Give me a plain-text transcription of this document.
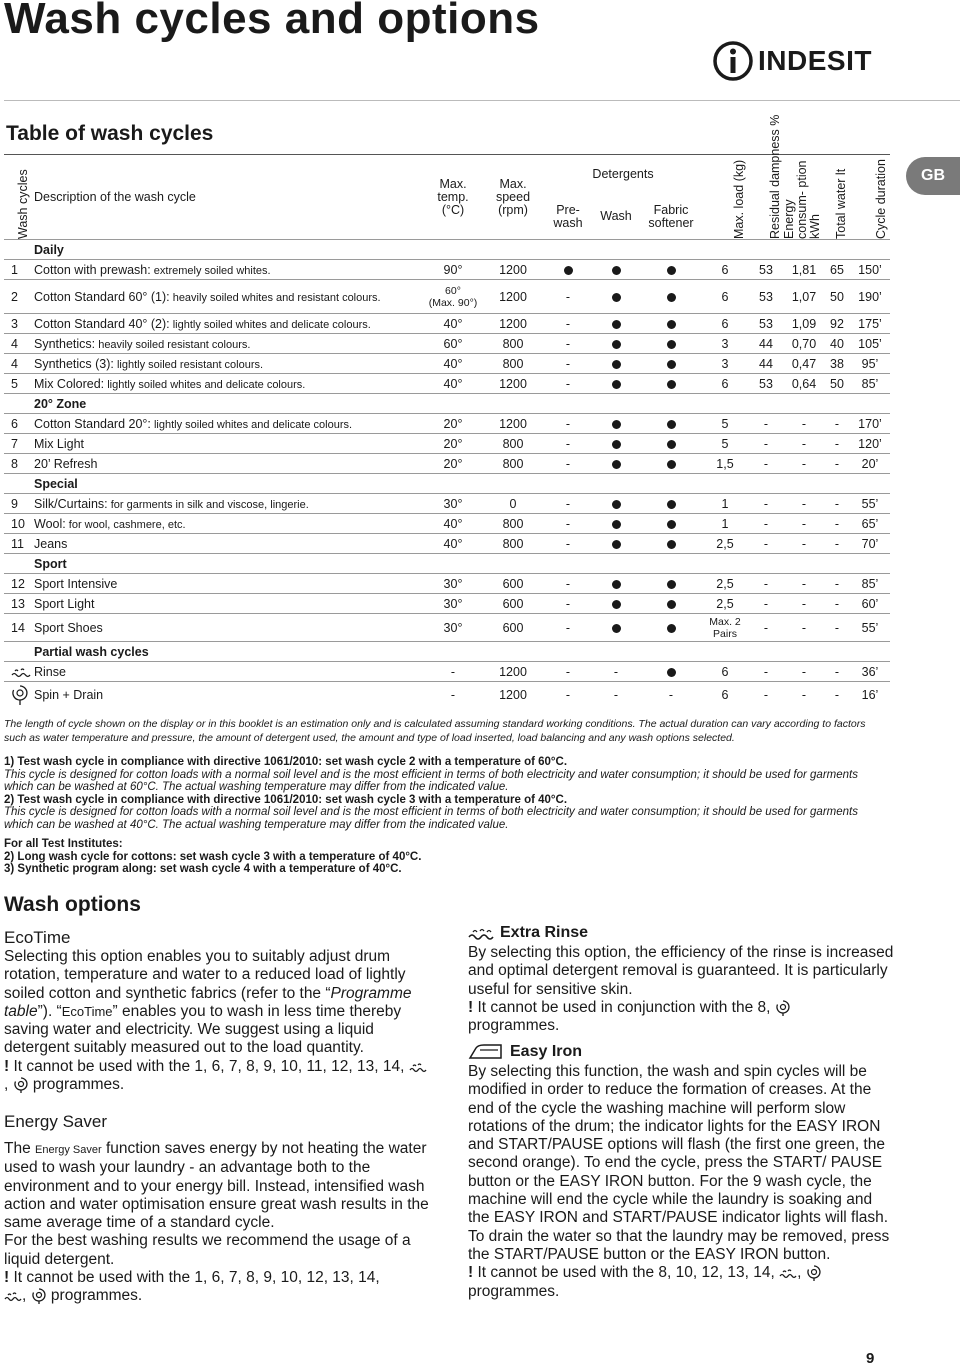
Wash cycles and options
INDESIT
Table of wash cycles
GB
Wash cycles	Description of the wash cycle	Max. temp. (°C)	Max. speed (rpm)	Detergents			Max. load (kg)	Residual dampness %	Energy consum- ption kWh	Total water lt	Cycle duration
				Pre- wash	Wash	Fabric softener					
	Daily										
1	Cotton with prewash: extremely soiled whites.	90°	1200				6	53	1,81	65	150’
2	Cotton Standard 60° (1): heavily soiled whites and resistant colours.	60°
(Max. 90°)	1200	-			6	53	1,07	50	190’
3	Cotton Standard 40° (2): lightly soiled whites and delicate colours.	40°	1200	-			6	53	1,09	92	175’
4	Synthetics: heavily soiled resistant colours.	60°	800	-			3	44	0,70	40	105’
4	Synthetics (3): lightly soiled resistant colours.	40°	800	-			3	44	0,47	38	95’
5	Mix Colored: lightly soiled whites and delicate colours.	40°	1200	-			6	53	0,64	50	85’
	20° Zone										
6	Cotton Standard 20°: lightly soiled whites and delicate colours.	20°	1200	-			5	-	-	-	170’
7	Mix Light	20°	800	-			5	-	-	-	120’
8	20’ Refresh	20°	800	-			1,5	-	-	-	20’
	Special										
9	Silk/Curtains: for garments in silk and viscose, lingerie.	30°	0	-			1	-	-	-	55’
10	Wool: for wool, cashmere, etc.	40°	800	-			1	-	-	-	65’
11	Jeans	40°	800	-			2,5	-	-	-	70’
	Sport										
12	Sport Intensive	30°	600	-			2,5	-	-	-	85’
13	Sport Light	30°	600	-			2,5	-	-	-	60’
14	Sport Shoes	30°	600	-			Max. 2
Pairs	-	-	-	55’
	Partial wash cycles										
	Rinse	-	1200	-	-		6	-	-	-	36’
	Spin + Drain	-	1200	-	-	-	6	-	-	-	16’
The length of cycle shown on the display or in this booklet is an estimation only and is calculated assuming standard working conditions. The actual duration can vary according to factors such as water temperature and pressure, the amount of detergent used, the amount and type of load inserted, load balancing and any wash options selected.
1) Test wash cycle in compliance with directive 1061/2010: set wash cycle 2 with a temperature of 60°C.
This cycle is designed for cotton loads with a normal soil level and is the most efficient in terms of both electricity and water consumption; it should be used for garments which can be washed at 60°C. The actual washing temperature may differ from the indicated value.
2) Test wash cycle in compliance with directive 1061/2010: set wash cycle 3 with a temperature of 40°C.
This cycle is designed for cotton loads with a normal soil level and is the most efficient in terms of both electricity and water consumption; it should be used for garments which can be washed at 40°C. The actual washing temperature may differ from the indicated value.
For all Test Institutes:
2) Long wash cycle for cottons: set wash cycle 3 with a temperature of 40°C.
3) Synthetic program along: set wash cycle 4 with a temperature of 40°C.
Wash options
EcoTime
Selecting this option enables you to suitably adjust drum rotation, temperature and water to a reduced load of lightly soiled cotton and synthetic fabrics (refer to the “Programme table”). “EcoTime” enables you to wash in less time thereby saving water and electricity. We suggest using a liquid detergent suitably measured out to the load quantity.
! It cannot be used with the 1, 6, 7, 8, 9, 10, 11, 12, 13, 14, ,  programmes.
Energy Saver
The Energy Saver function saves energy by not heating the water used to wash your laundry - an advantage both to the environment and to your energy bill. Instead, intensified wash action and water optimisation ensure great wash results in the same average time of a standard cycle.
For the best washing results we recommend the usage of a liquid detergent.
! It cannot be used with the 1, 6, 7, 8, 9, 10, 12, 13, 14,
,  programmes.
Extra Rinse
By selecting this option, the efficiency of the rinse is increased and optimal detergent removal is guaranteed. It is particularly useful for sensitive skin.
! It cannot be used in conjunction with the 8,
programmes.
Easy Iron
By selecting this function, the wash and spin cycles will be modified in order to reduce the formation of creases. At the end of the cycle the washing machine will perform slow rotations of the drum; the indicator lights for the EASY IRON and START/PAUSE options will flash (the first one green, the second orange). To end the cycle, press the START/ PAUSE button or the EASY IRON button. For the 9 wash cycle, the machine will end the cycle while the laundry is soaking and the EASY IRON and START/PAUSE indicator lights will flash. To drain the water so that the laundry may be removed, press the START/PAUSE button or the EASY IRON button.
! It cannot be used with the 8, 10, 12, 13, 14, ,
programmes.
9
